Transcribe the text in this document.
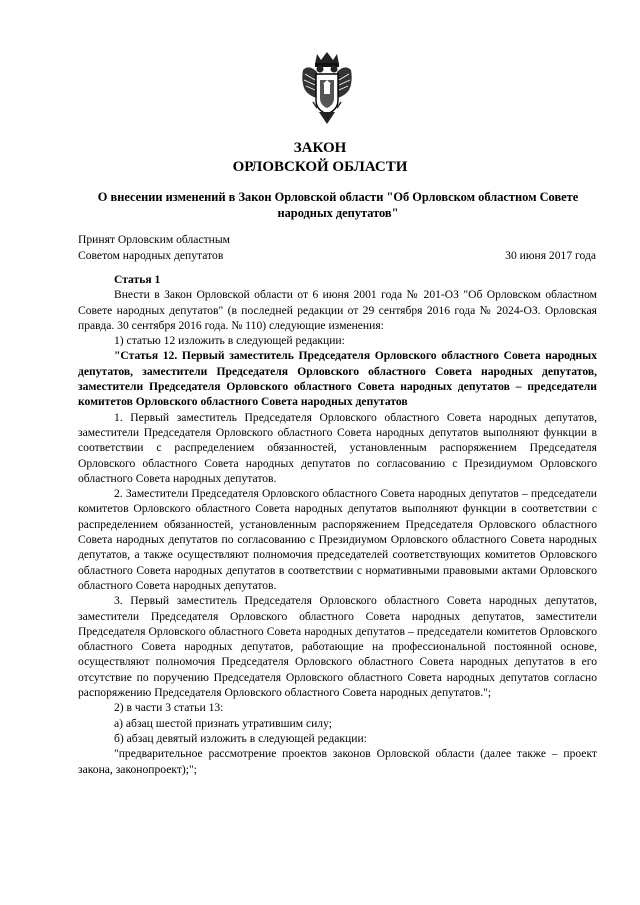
ЗАКОН
ОРЛОВСКОЙ ОБЛАСТИ
О внесении изменений в Закон Орловской области "Об Орловском областном Совете народных депутатов"
Принят Орловским областным
Советом народных депутатов	30 июня 2017 года

Статья 1

Внести в Закон Орловской области от 6 июня 2001 года № 201-ОЗ "Об Орловском областном Совете народных депутатов" (в последней редакции от 29 сентября 2016 года № 2024-ОЗ. Орловская правда. 30 сентября 2016 года. № 110) следующие изменения:

1) статью 12 изложить в следующей редакции:

"Статья 12. Первый заместитель Председателя Орловского областного Совета народных депутатов, заместители Председателя Орловского областного Совета народных депутатов, заместители Председателя Орловского областного Совета народных депутатов – председатели комитетов Орловского областного Совета народных депутатов

1. Первый заместитель Председателя Орловского областного Совета народных депутатов, заместители Председателя Орловского областного Совета народных депутатов выполняют функции в соответствии с распределением обязанностей, установленным распоряжением Председателя Орловского областного Совета народных депутатов по согласованию с Президиумом Орловского областного Совета народных депутатов.

2. Заместители Председателя Орловского областного Совета народных депутатов – председатели комитетов Орловского областного Совета народных депутатов выполняют функции в соответствии с распределением обязанностей, установленным распоряжением Председателя Орловского областного Совета народных депутатов по согласованию с Президиумом Орловского областного Совета народных депутатов, а также осуществляют полномочия председателей соответствующих комитетов Орловского областного Совета народных депутатов в соответствии с нормативными правовыми актами Орловского областного Совета народных депутатов.

3. Первый заместитель Председателя Орловского областного Совета народных депутатов, заместители Председателя Орловского областного Совета народных депутатов, заместители Председателя Орловского областного Совета народных депутатов – председатели комитетов Орловского областного Совета народных депутатов, работающие на профессиональной постоянной основе, осуществляют полномочия Председателя Орловского областного Совета народных депутатов в его отсутствие по поручению Председателя Орловского областного Совета народных депутатов согласно распоряжению Председателя Орловского областного Совета народных депутатов.";

2) в части 3 статьи 13:

а) абзац шестой признать утратившим силу;

б) абзац девятый изложить в следующей редакции:

"предварительное рассмотрение проектов законов Орловской области (далее также – проект закона, законопроект);";
